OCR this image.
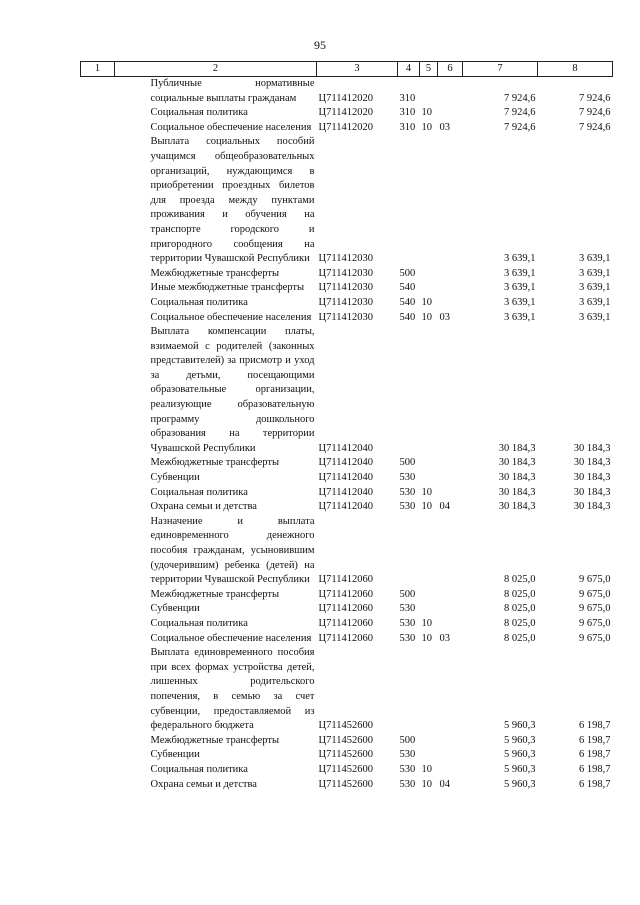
95
1	2	3	4	5	6	7	8
	Публичные нормативные социальные выплаты гражданам	Ц711412020	310			7 924,6	7 924,6
	Социальная политика	Ц711412020	310	10		7 924,6	7 924,6
	Социальное обеспечение населения	Ц711412020	310	10	03	7 924,6	7 924,6
	Выплата социальных пособий учащимся общеобразовательных организаций, нуждающимся в приобретении проездных билетов для проезда между пунктами проживания и обучения на транспорте городского и пригородного сообщения на территории Чувашской Республики	Ц711412030				3 639,1	3 639,1
	Межбюджетные трансферты	Ц711412030	500			3 639,1	3 639,1
	Иные межбюджетные трансферты	Ц711412030	540			3 639,1	3 639,1
	Социальная политика	Ц711412030	540	10		3 639,1	3 639,1
	Социальное обеспечение населения	Ц711412030	540	10	03	3 639,1	3 639,1
	Выплата компенсации платы, взимаемой с родителей (законных представителей) за присмотр и уход за детьми, посещающими образовательные организации, реализующие образовательную программу дошкольного образования на территории Чувашской Республики	Ц711412040				30 184,3	30 184,3
	Межбюджетные трансферты	Ц711412040	500			30 184,3	30 184,3
	Субвенции	Ц711412040	530			30 184,3	30 184,3
	Социальная политика	Ц711412040	530	10		30 184,3	30 184,3
	Охрана семьи и детства	Ц711412040	530	10	04	30 184,3	30 184,3
	Назначение и выплата единовременного денежного пособия гражданам, усыновившим (удочерившим) ребенка (детей) на территории Чувашской Республики	Ц711412060				8 025,0	9 675,0
	Межбюджетные трансферты	Ц711412060	500			8 025,0	9 675,0
	Субвенции	Ц711412060	530			8 025,0	9 675,0
	Социальная политика	Ц711412060	530	10		8 025,0	9 675,0
	Социальное обеспечение населения	Ц711412060	530	10	03	8 025,0	9 675,0
	Выплата единовременного пособия при всех формах устройства детей, лишенных родительского попечения, в семью за счет субвенции, предоставляемой из федерального бюджета	Ц711452600				5 960,3	6 198,7
	Межбюджетные трансферты	Ц711452600	500			5 960,3	6 198,7
	Субвенции	Ц711452600	530			5 960,3	6 198,7
	Социальная политика	Ц711452600	530	10		5 960,3	6 198,7
	Охрана семьи и детства	Ц711452600	530	10	04	5 960,3	6 198,7
